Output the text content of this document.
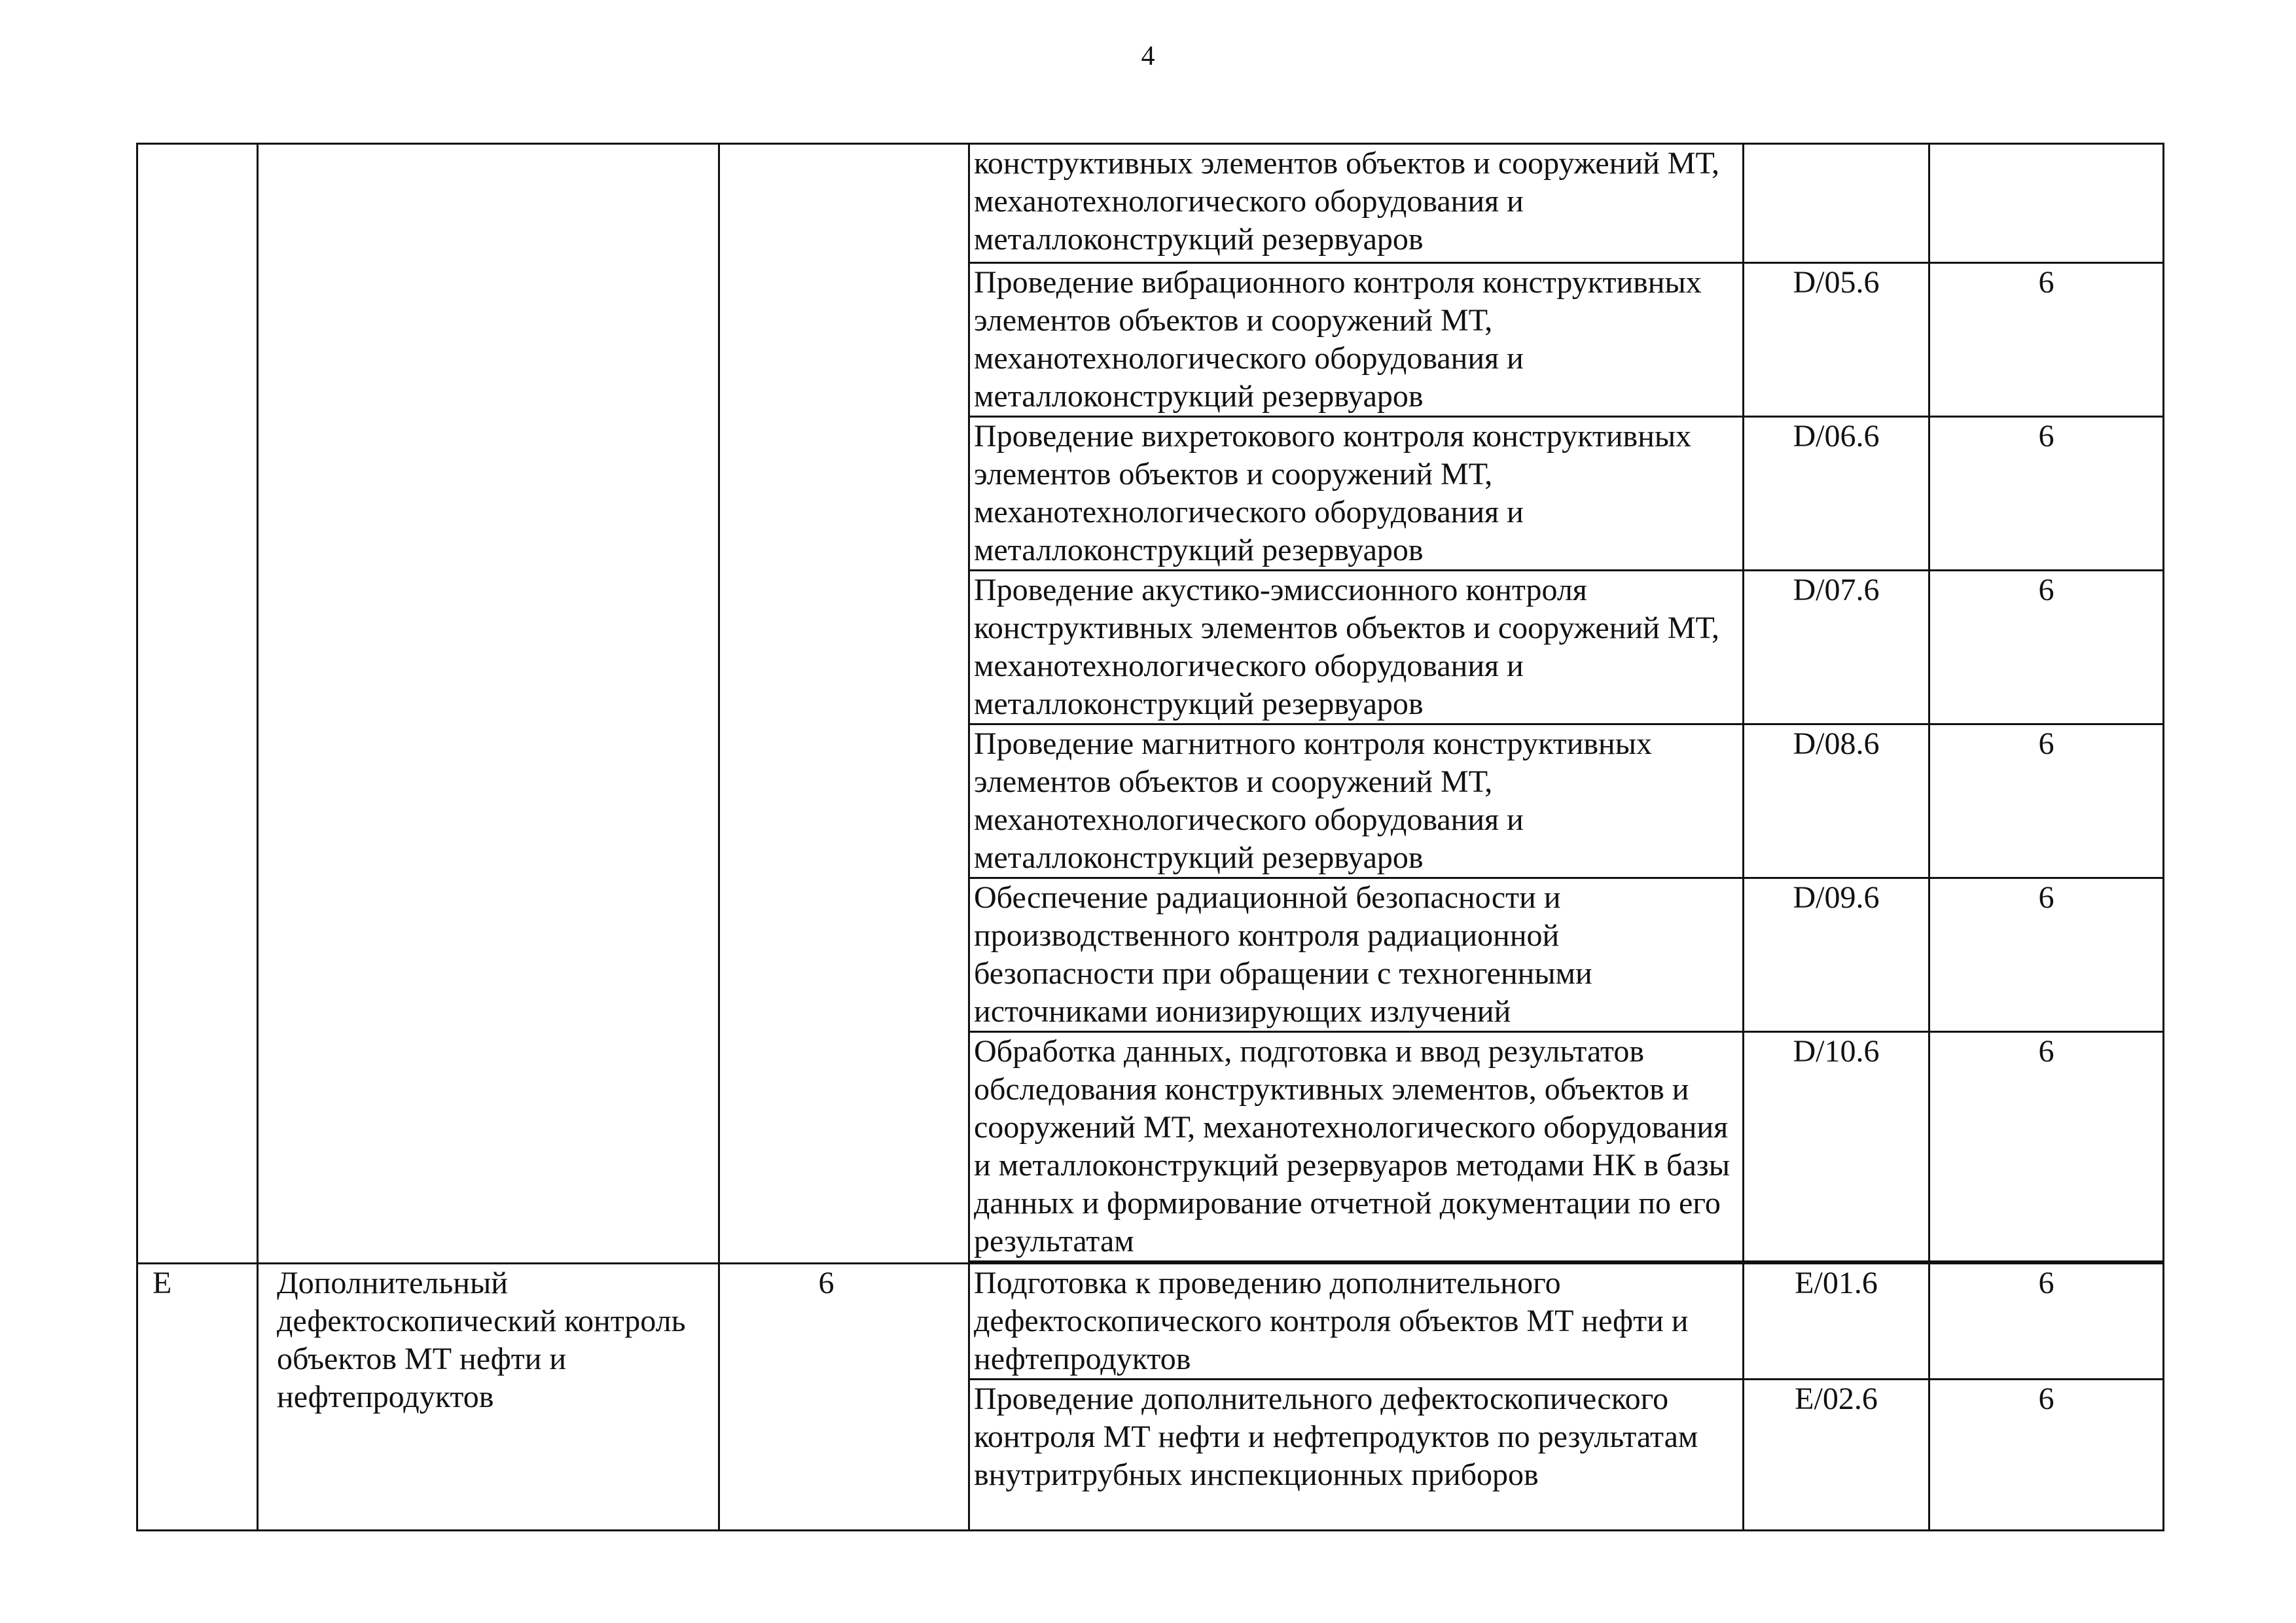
4
			конструктивных элементов объектов и сооружений МТ, механотехнологического оборудования и металлоконструкций резервуаров		
			Проведение вибрационного контроля конструктивных элементов объектов и сооружений МТ, механотехнологического оборудования и металлоконструкций резервуаров	D/05.6	6
			Проведение вихретокового контроля конструктивных элементов объектов и сооружений МТ, механотехнологического оборудования и металлоконструкций резервуаров	D/06.6	6
			Проведение акустико-эмиссионного контроля конструктивных элементов объектов и сооружений МТ, механотехнологического оборудования и металлоконструкций резервуаров	D/07.6	6
			Проведение магнитного контроля конструктивных элементов объектов и сооружений МТ, механотехнологического оборудования и металлоконструкций резервуаров	D/08.6	6
			Обеспечение радиационной безопасности и производственного контроля радиационной безопасности при обращении с техногенными источниками ионизирующих излучений	D/09.6	6
			Обработка данных, подготовка и ввод результатов обследования конструктивных элементов, объектов и сооружений МТ, механотехнологического оборудования и металлоконструкций резервуаров методами НК в базы данных и формирование отчетной документации по его результатам	D/10.6	6

E	Дополнительный дефектоскопический контроль объектов МТ нефти и нефтепродуктов	6	Подготовка к проведению дополнительного дефектоскопического контроля объектов МТ нефти и нефтепродуктов	E/01.6	6
			Проведение дополнительного дефектоскопического контроля МТ нефти и нефтепродуктов по результатам внутритрубных инспекционных приборов	E/02.6	6
